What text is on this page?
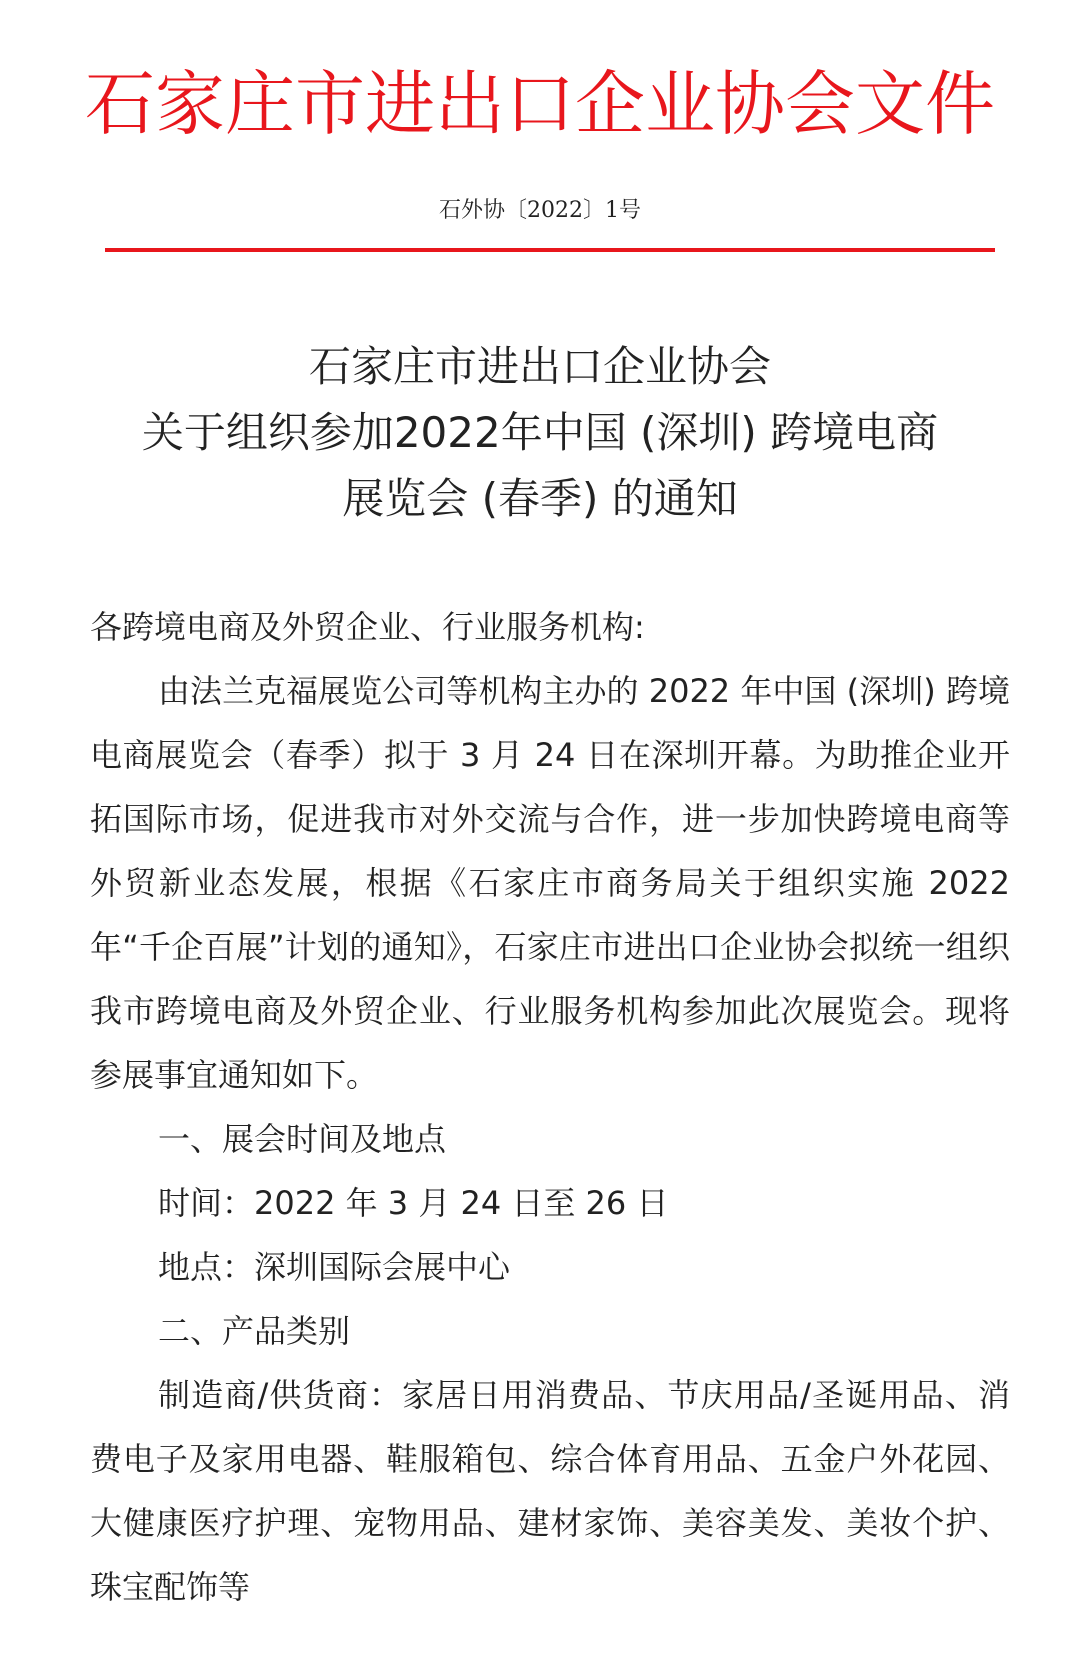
石家庄市进出口企业协会文件
石外协〔2022〕1号
石家庄市进出口企业协会
关于组织参加2022年中国 (深圳) 跨境电商
展览会 (春季) 的通知

各跨境电商及外贸企业、行业服务机构:

由法兰克福展览公司等机构主办的 2022 年中国 (深圳) 跨境电商展览会（春季）拟于 3 月 24 日在深圳开幕。为助推企业开拓国际市场，促进我市对外交流与合作，进一步加快跨境电商等外贸新业态发展，根据《石家庄市商务局关于组织实施 2022 年“千企百展”计划的通知》，石家庄市进出口企业协会拟统一组织我市跨境电商及外贸企业、行业服务机构参加此次展览会。现将参展事宜通知如下。

一、展会时间及地点

时间：2022 年 3 月 24 日至 26 日

地点：深圳国际会展中心

二、产品类别

制造商/供货商：家居日用消费品、节庆用品/圣诞用品、消费电子及家用电器、鞋服箱包、综合体育用品、五金户外花园、大健康医疗护理、宠物用品、建材家饰、美容美发、美妆个护、珠宝配饰等
